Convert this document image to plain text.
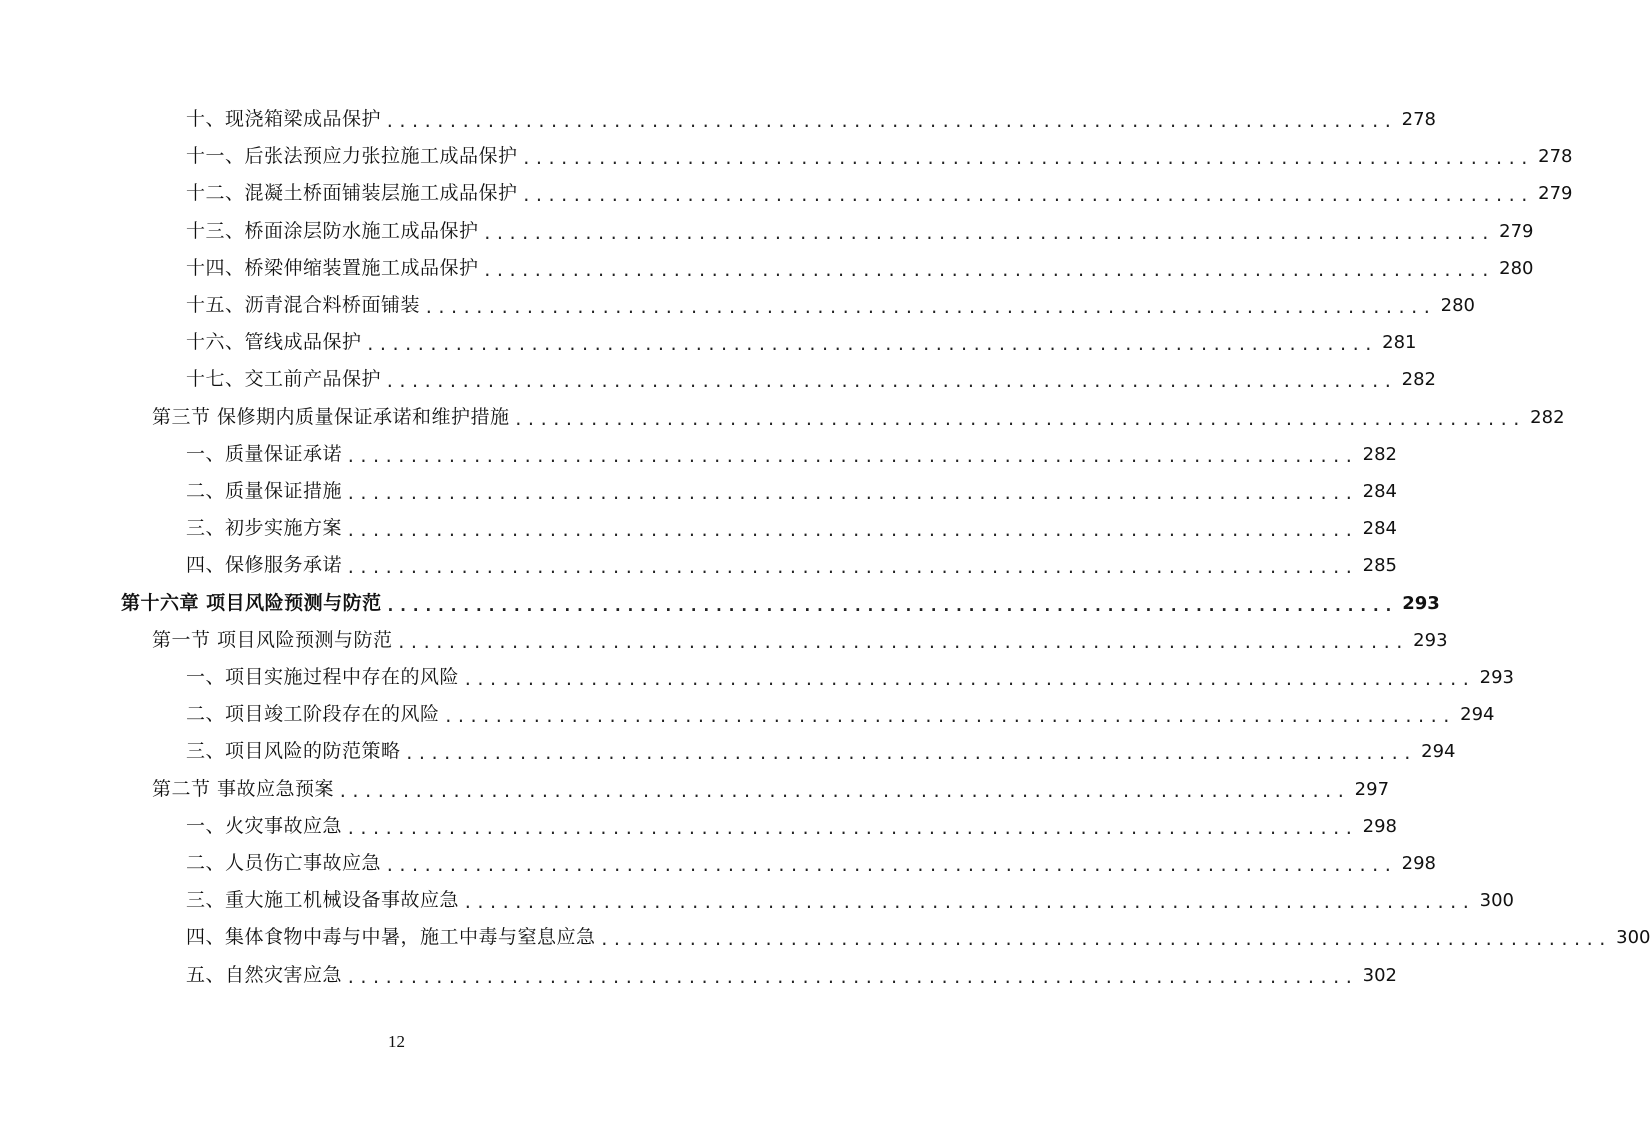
十、现浇箱梁成品保护 ................................................................................ 278
十一、后张法预应力张拉施工成品保护 ................................................................................ 278
十二、混凝土桥面铺装层施工成品保护 ................................................................................ 279
十三、桥面涂层防水施工成品保护 ................................................................................ 279
十四、桥梁伸缩装置施工成品保护 ................................................................................ 280
十五、沥青混合料桥面铺装 ................................................................................ 280
十六、管线成品保护 ................................................................................ 281
十七、交工前产品保护 ................................................................................ 282
第三节 保修期内质量保证承诺和维护措施 ................................................................................ 282
一、质量保证承诺 ................................................................................ 282
二、质量保证措施 ................................................................................ 284
三、初步实施方案 ................................................................................ 284
四、保修服务承诺 ................................................................................ 285
第十六章 项目风险预测与防范 ................................................................................ 293
第一节 项目风险预测与防范 ................................................................................ 293
一、项目实施过程中存在的风险 ................................................................................ 293
二、项目竣工阶段存在的风险 ................................................................................ 294
三、项目风险的防范策略 ................................................................................ 294
第二节 事故应急预案 ................................................................................ 297
一、火灾事故应急 ................................................................................ 298
二、人员伤亡事故应急 ................................................................................ 298
三、重大施工机械设备事故应急 ................................................................................ 300
四、集体食物中毒与中暑，施工中毒与窒息应急 ................................................................................ 300
五、自然灾害应急 ................................................................................ 302
12
